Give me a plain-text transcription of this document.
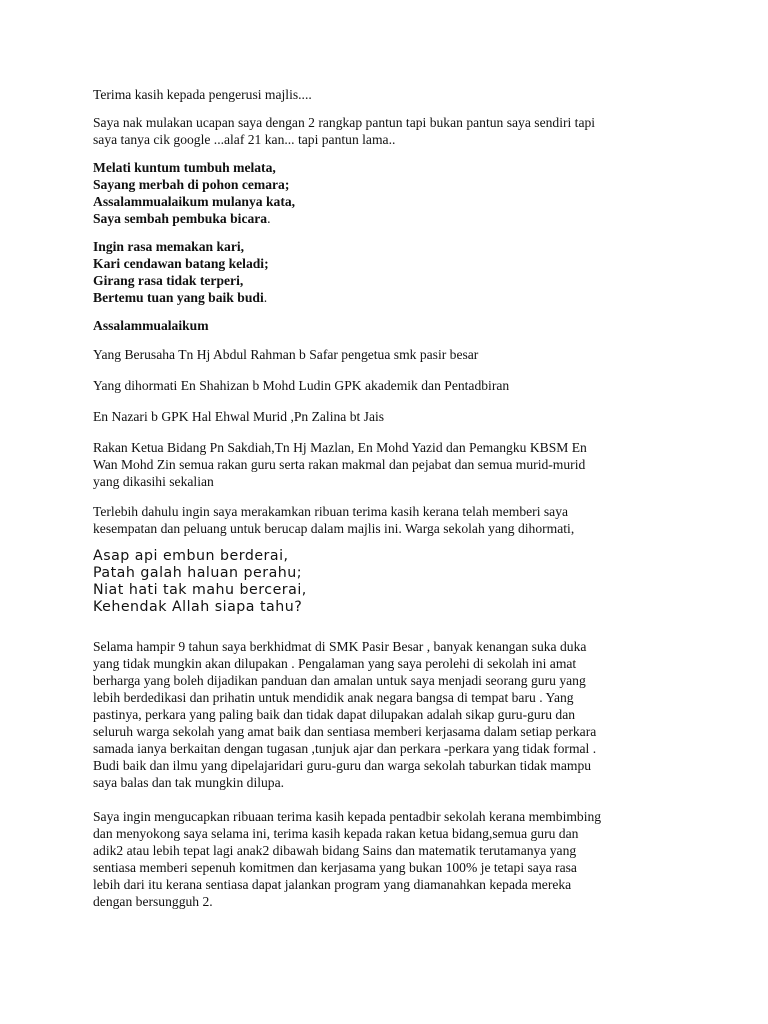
Terima kasih kepada pengerusi majlis....

Saya nak mulakan ucapan saya dengan 2 rangkap pantun tapi bukan pantun saya sendiri tapi

saya tanya cik google ...alaf 21 kan... tapi pantun lama..

Melati kuntum tumbuh melata,

Sayang merbah di pohon cemara;

Assalammualaikum mulanya kata,

Saya sembah pembuka bicara.

Ingin rasa memakan kari,

Kari cendawan batang keladi;

Girang rasa tidak terperi,

Bertemu tuan yang baik budi.

Assalammualaikum

Yang Berusaha Tn Hj Abdul Rahman b Safar pengetua smk pasir besar

Yang dihormati En Shahizan b Mohd Ludin GPK akademik dan Pentadbiran

En Nazari b GPK Hal Ehwal Murid ,Pn Zalina bt Jais

Rakan Ketua Bidang Pn Sakdiah,Tn Hj Mazlan, En Mohd Yazid dan Pemangku KBSM En

Wan Mohd Zin semua rakan guru serta rakan makmal dan pejabat dan semua murid-murid

yang dikasihi sekalian

Terlebih dahulu ingin saya merakamkan ribuan terima kasih kerana telah memberi saya

kesempatan dan peluang untuk berucap dalam majlis ini. Warga sekolah yang dihormati,

Asap api embun berderai,

Patah galah haluan perahu;

Niat hati tak mahu bercerai,

Kehendak Allah siapa tahu?

Selama hampir 9 tahun saya berkhidmat di SMK Pasir Besar , banyak kenangan suka duka

yang tidak mungkin akan dilupakan . Pengalaman yang saya perolehi di sekolah ini amat

berharga yang boleh dijadikan panduan dan amalan untuk saya menjadi seorang guru yang

lebih berdedikasi dan prihatin untuk mendidik anak negara bangsa di tempat baru . Yang

pastinya, perkara yang paling baik dan tidak dapat dilupakan adalah sikap guru-guru dan

seluruh warga sekolah yang amat baik dan sentiasa memberi kerjasama dalam setiap perkara

samada ianya berkaitan dengan tugasan ,tunjuk ajar dan perkara -perkara yang tidak formal .

Budi baik dan ilmu yang dipelajaridari guru-guru dan warga sekolah taburkan tidak mampu

saya balas dan tak mungkin dilupa.

Saya ingin mengucapkan ribuaan terima kasih kepada pentadbir sekolah kerana membimbing

dan menyokong saya selama ini, terima kasih kepada rakan ketua bidang,semua guru dan

adik2 atau lebih tepat lagi anak2 dibawah bidang Sains dan matematik terutamanya yang

sentiasa memberi sepenuh komitmen dan kerjasama yang bukan 100% je tetapi saya rasa

lebih dari itu kerana sentiasa dapat jalankan program yang diamanahkan kepada mereka

dengan bersungguh 2.
